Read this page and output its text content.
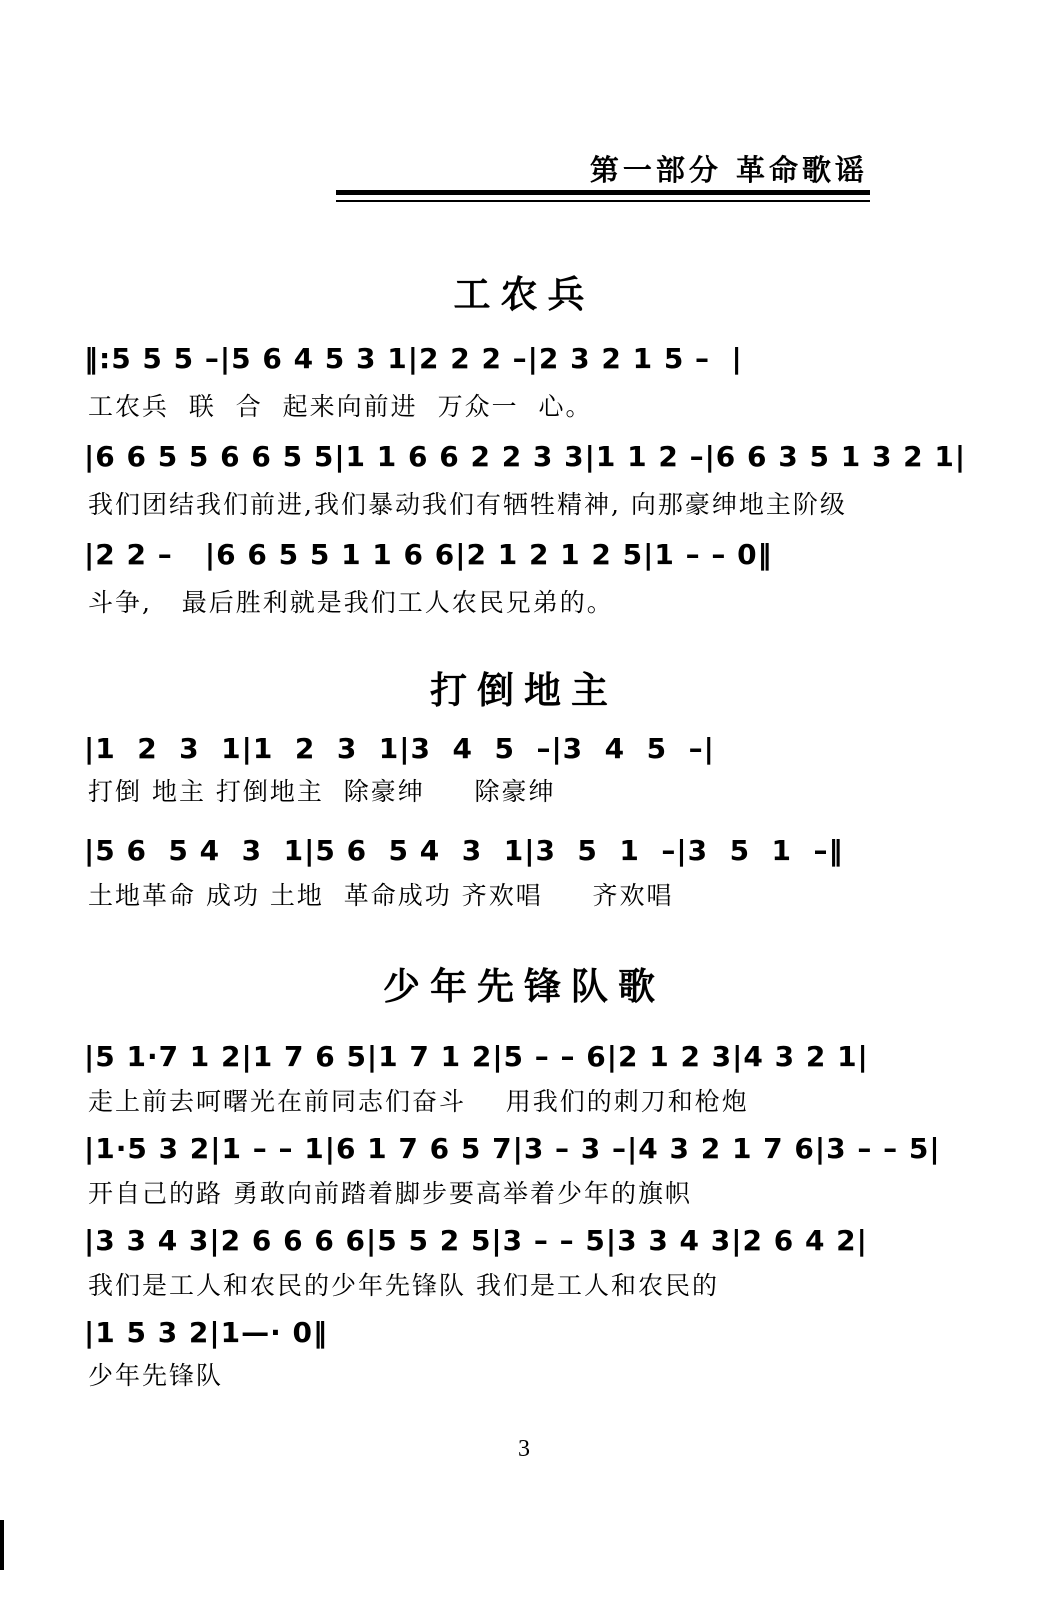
第一部分 革命歌谣
工农兵
‖:5 5 5 –|5 6 4 5 3 1|2 2 2 –|2 3 2 1 5 –  |
工农兵  联  合  起来向前进  万众一  心。
|6 6 5 5 6 6 5 5|1 1 6 6 2 2 3 3|1 1 2 –|6 6 3 5 1 3 2 1|
我们团结我们前进,我们暴动我们有牺牲精神, 向那豪绅地主阶级
|2 2 –   |6 6 5 5 1 1 6 6|2 1 2 1 2 5|1 – – 0‖
斗争,   最后胜利就是我们工人农民兄弟的。
打倒地主
|1  2  3  1|1  2  3  1|3  4  5  –|3  4  5  –|
打倒 地主 打倒地主  除豪绅     除豪绅
|5 6  5 4  3  1|5 6  5 4  3  1|3  5  1  –|3  5  1  –‖
土地革命 成功 土地  革命成功 齐欢唱     齐欢唱
少年先锋队歌
|5 1·7 1 2|1 7 6 5|1 7 1 2|5 – – 6|2 1 2 3|4 3 2 1|
走上前去呵曙光在前同志们奋斗    用我们的刺刀和枪炮
|1·5 3 2|1 – – 1|6 1 7 6 5 7|3 – 3 –|4 3 2 1 7 6|3 – – 5|
开自己的路 勇敢向前踏着脚步要高举着少年的旗帜
|3 3 4 3|2 6 6 6 6|5 5 2 5|3 – – 5|3 3 4 3|2 6 4 2|
我们是工人和农民的少年先锋队 我们是工人和农民的
|1 5 3 2|1—· 0‖
少年先锋队
3
